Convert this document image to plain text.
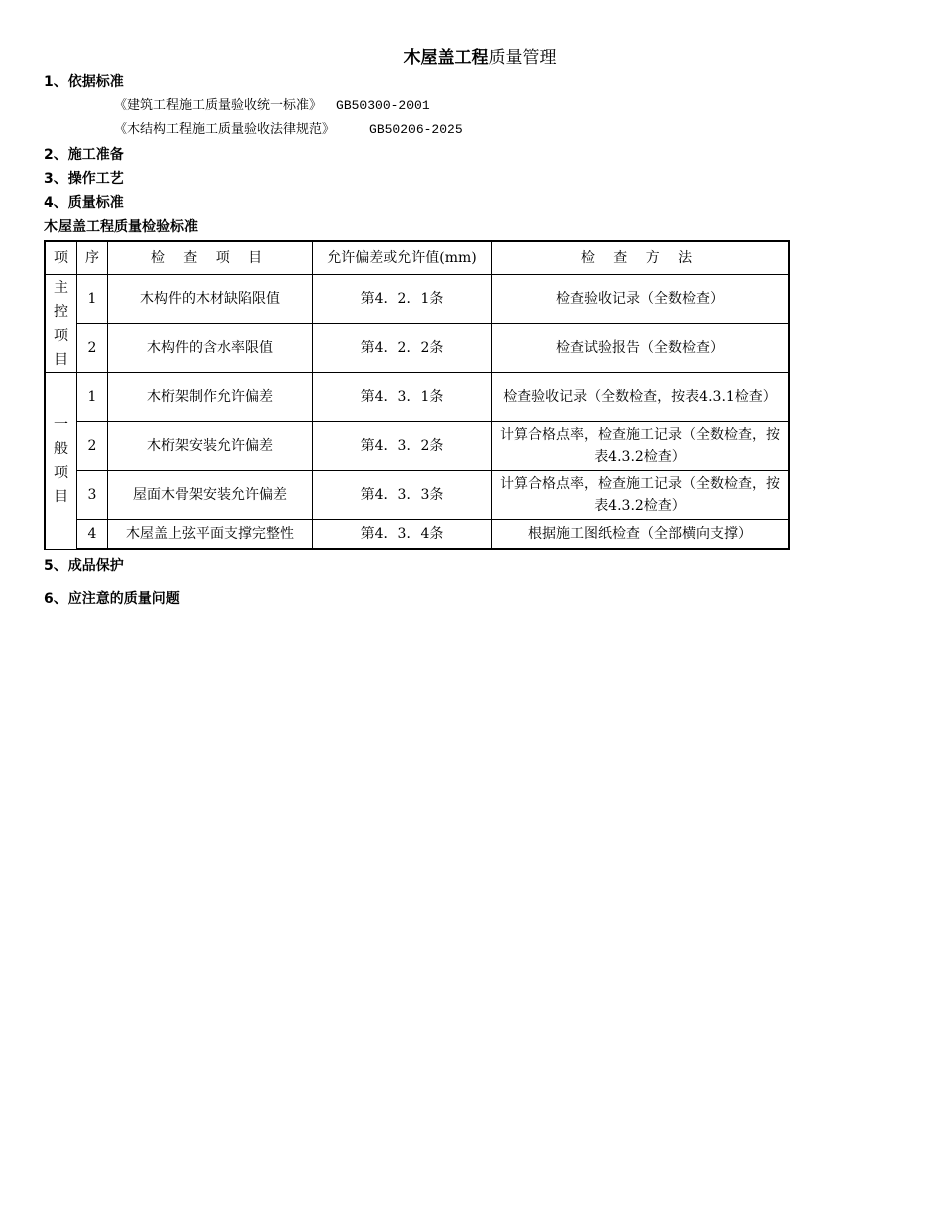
木屋盖工程质量管理
1、依据标准
《建筑工程施工质量验收统一标准》 GB50300-2001
《木结构工程施工质量验收法律规范》	GB50206-2025
2、施工准备
3、操作工艺
4、质量标准
木屋盖工程质量检验标准
项	序	检 查 项 目	允许偏差或允许值(mm)	检 查 方 法
主控项目	1	木构件的木材缺陷限值	第4．2．1条	检查验收记录（全数检查）
	2	木构件的含水率限值	第4．2．2条	检查试验报告（全数检查）
一般项目	1	木桁架制作允许偏差	第4．3．1条	检查验收记录（全数检查，按表4.3.1检查）
	2	木桁架安装允许偏差	第4．3．2条	计算合格点率，检查施工记录（全数检查，按表4.3.2检查）
	3	屋面木骨架安装允许偏差	第4．3．3条	计算合格点率，检查施工记录（全数检查，按表4.3.2检查）
	4	木屋盖上弦平面支撑完整性	第4．3．4条	根据施工图纸检查（全部横向支撑）
5、成品保护
6、应注意的质量问题
